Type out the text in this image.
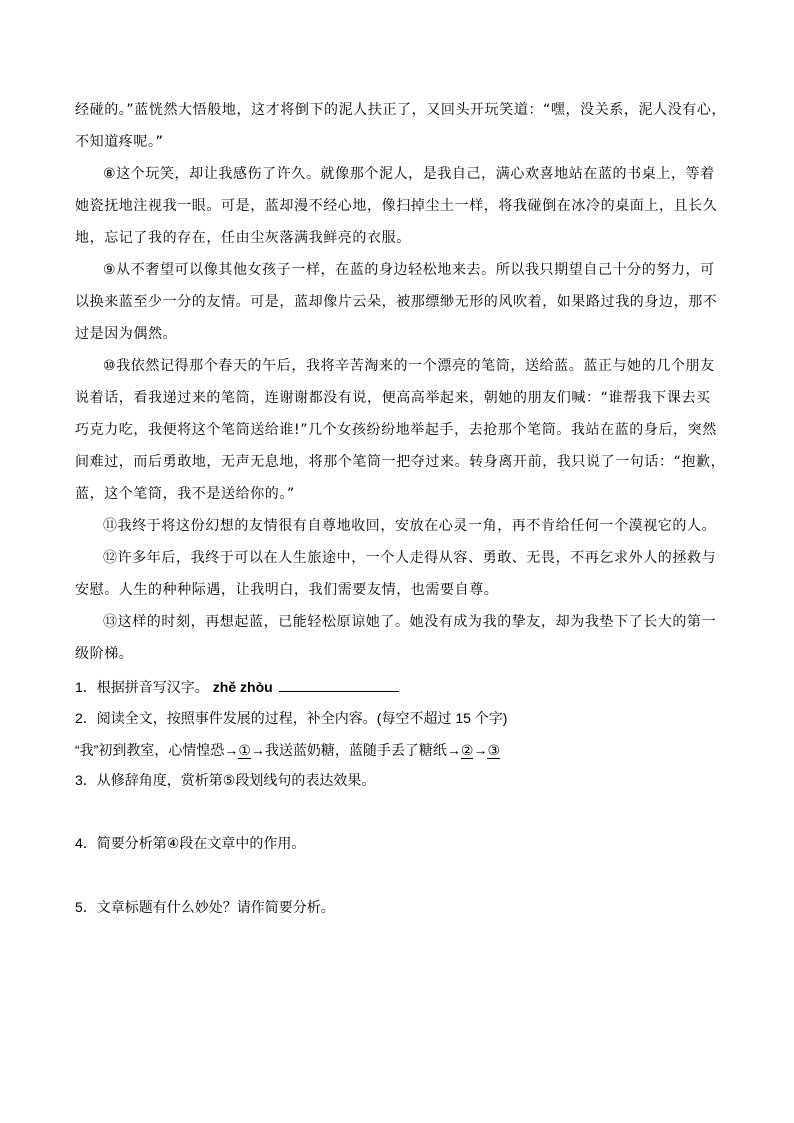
经碰的。”蓝恍然大悟般地，这才将倒下的泥人扶正了，又回头开玩笑道：“嘿，没关系，泥人没有心，
不知道疼呢。”
⑧这个玩笑，却让我感伤了许久。就像那个泥人，是我自己，满心欢喜地站在蓝的书桌上，等着
她瓷抚地注视我一眼。可是，蓝却漫不经心地，像扫掉尘土一样，将我碰倒在冰冷的桌面上，且长久
地，忘记了我的存在，任由尘灰落满我鲜亮的衣服。
⑨从不奢望可以像其他女孩子一样，在蓝的身边轻松地来去。所以我只期望自己十分的努力，可
以换来蓝至少一分的友情。可是，蓝却像片云朵，被那缥缈无形的风吹着，如果路过我的身边，那不
过是因为偶然。
⑩我依然记得那个春天的午后，我将辛苦淘来的一个漂亮的笔筒，送给蓝。蓝正与她的几个朋友
说着话，看我递过来的笔筒，连谢谢都没有说，便高高举起来，朝她的朋友们喊：“谁帮我下课去买
巧克力吃，我便将这个笔筒送给谁!”几个女孩纷纷地举起手，去抢那个笔筒。我站在蓝的身后，突然
间难过，而后勇敢地，无声无息地，将那个笔筒一把夺过来。转身离开前，我只说了一句话：“抱歉，
蓝，这个笔筒，我不是送给你的。”
⑪我终于将这份幻想的友情很有自尊地收回，安放在心灵一角，再不肯给任何一个漠视它的人。
⑫许多年后，我终于可以在人生旅途中，一个人走得从容、勇敢、无畏，不再乞求外人的拯救与
安慰。人生的种种际遇，让我明白，我们需要友情，也需要自尊。
⑬这样的时刻，再想起蓝，已能轻松原谅她了。她没有成为我的挚友，却为我垫下了长大的第一
级阶梯。
1．根据拼音写汉字。 zhě zhòu
2．阅读全文，按照事件发展的过程，补全内容。(每空不超过 15 个字)
“我”初到教室，心情惶恐→①→我送蓝奶糖，蓝随手丢了糖纸→②→③
3．从修辞角度，赏析第⑤段划线句的表达效果。
4．简要分析第④段在文章中的作用。
5．文章标题有什么妙处？请作简要分析。
